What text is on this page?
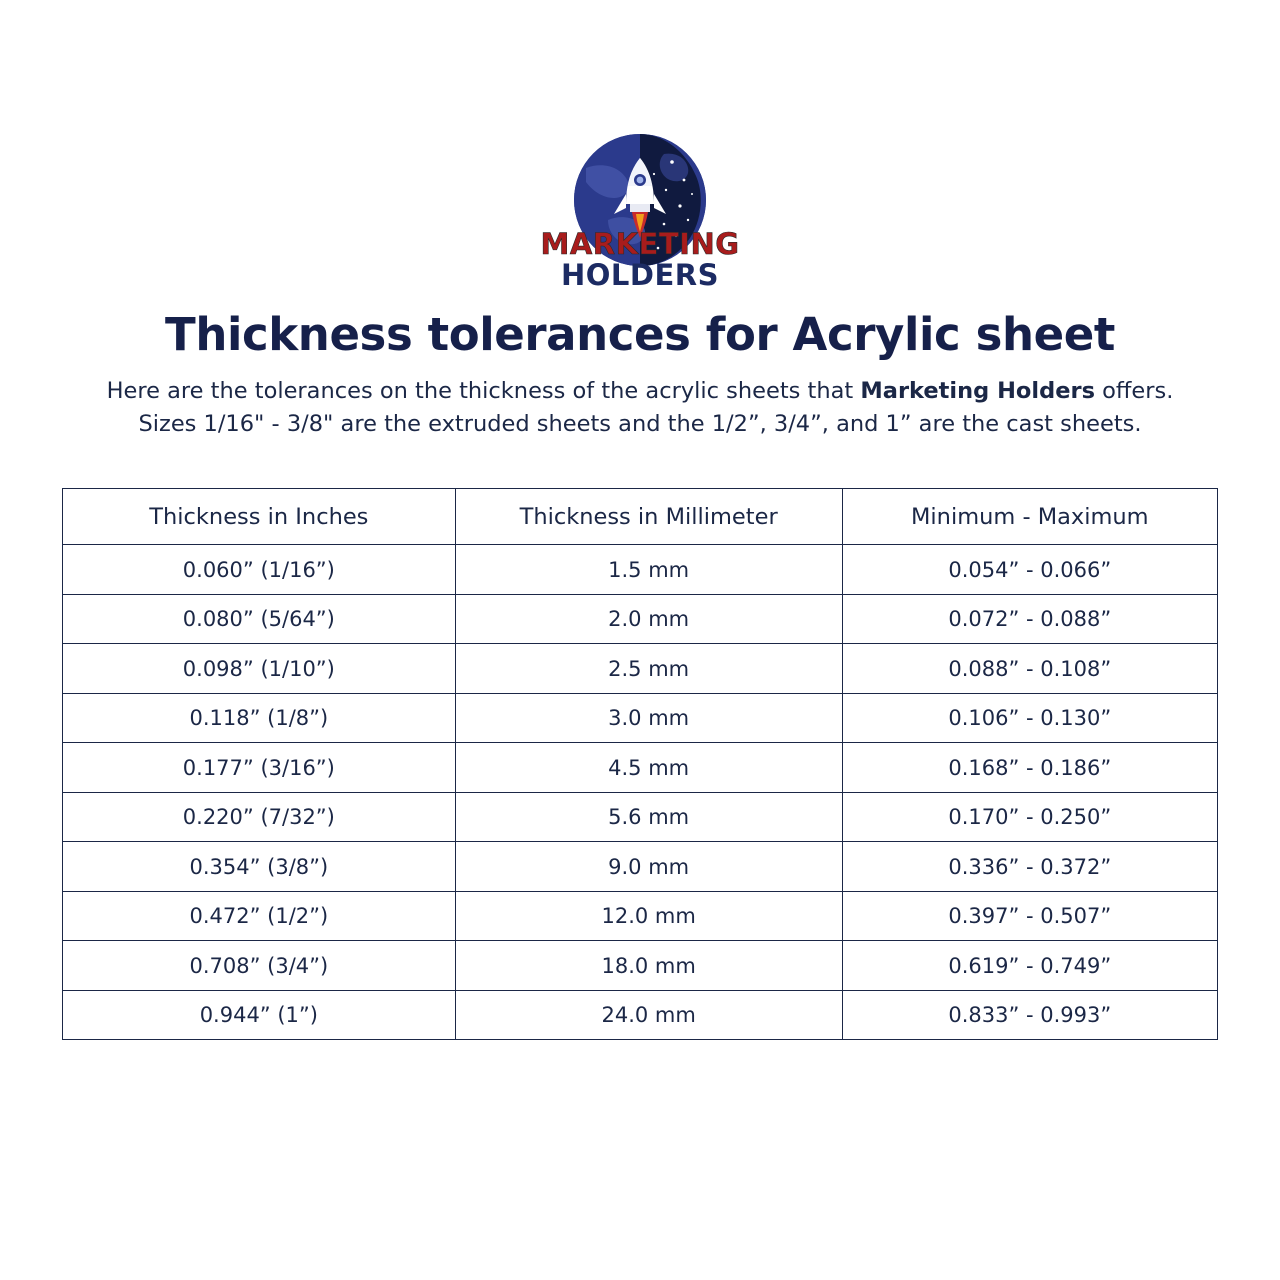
MARKETING
HOLDERS
Thickness tolerances for Acrylic sheet

Here are the tolerances on the thickness of the acrylic sheets that Marketing Holders offers.
Sizes 1/16" - 3/8" are the extruded sheets and the 1/2”, 3/4”, and 1” are the cast sheets.

Thickness in Inches	Thickness in Millimeter	Minimum - Maximum
0.060” (1/16”)	1.5 mm	0.054” - 0.066”
0.080” (5/64”)	2.0 mm	0.072” - 0.088”
0.098” (1/10”)	2.5 mm	0.088” - 0.108”
0.118” (1/8”)	3.0 mm	0.106” - 0.130”
0.177” (3/16”)	4.5 mm	0.168” - 0.186”
0.220” (7/32”)	5.6 mm	0.170” - 0.250”
0.354” (3/8”)	9.0 mm	0.336” - 0.372”
0.472” (1/2”)	12.0 mm	0.397” - 0.507”
0.708” (3/4”)	18.0 mm	0.619” - 0.749”
0.944” (1”)	24.0 mm	0.833” - 0.993”
